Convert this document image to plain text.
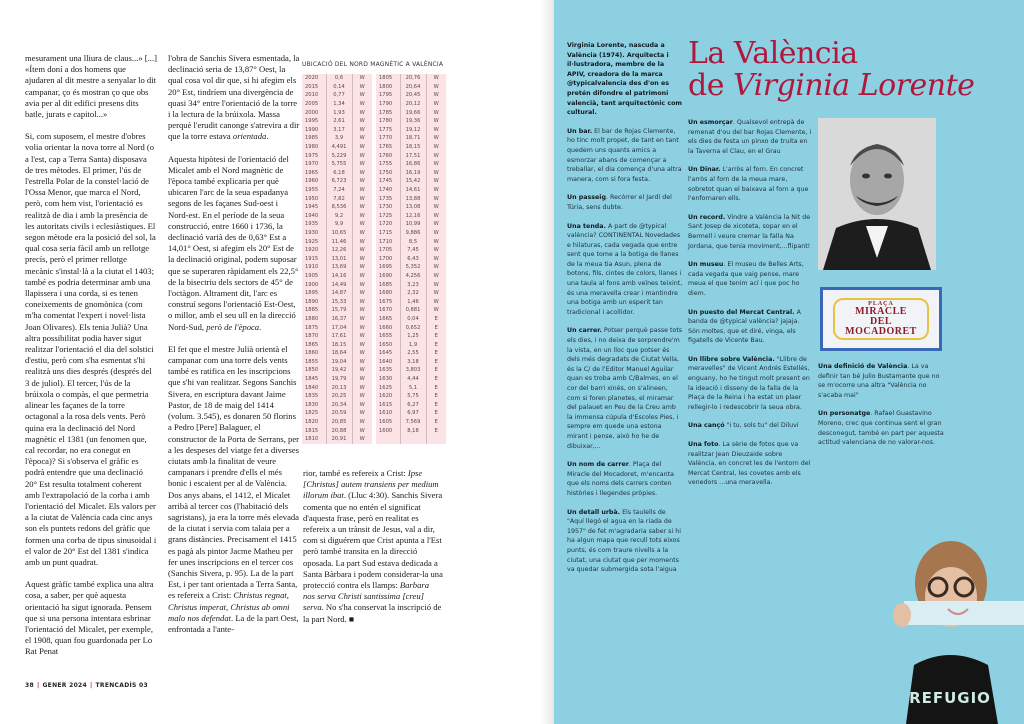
mesurament una lliura de claus...» [...] «Ítem doní a dos homens que ajudaren al dit mestre a senyalar lo dit campanar, ço és mostran ço que obs avia per al dit edifici presens dits batle, jurats e capitol...»

Si, com suposem, el mestre d'obres volia orientar la nova torre al Nord (o a l'est, cap a Terra Santa) disposava de tres mètodes. El primer, l'ús de l'estrella Polar de la constel·lació de l'Ossa Menor, que marca el Nord, però, com hem vist, l'orientació es realitzà de dia i amb la presència de les autoritats civils i eclesiàstiques. El segon mètode era la posició del sol, la qual cosa seria fàcil amb un rellotge precís, però el primer rellotge mecànic s'instal·là a la ciutat el 1403; també es podria determinar amb una llapissera i una corda, si es tenen coneixements de gnomònica (com m'ha comentat l'expert i novel·lista Joan Olivares). Els tenia Julià? Una altra possibilitat podia haver sigut realitzar l'orientació el dia del solstici d'estiu, però com s'ha esmentat s'hi realitzà uns dies després (després del 3 de juliol). El tercer, l'ús de la brúixola o compàs, el que permetria alinear les façanes de la torre octagonal a la rosa dels vents. Però quina era la declinació del Nord magnètic el 1381 (un fenomen que, cal recordar, no era conegut en l'època)? Si s'observa el gràfic es podrà entendre que una declinació 20° Est resulta totalment coherent amb l'extrapolació de la corba i amb l'orientació del Micalet. Els valors per a la ciutat de València cada cinc anys son els puntets redons del gràfic que formen una corba de tipus sinusoidal i el valor de 20° Est del 1381 s'indica amb un punt quadrat.

Aquest gràfic també explica una altra cosa, a saber, per què aquesta orientació ha sigut ignorada. Pensem que si una persona intentara esbrinar l'orientació del Micalet, per exemple, el 1908, quan fou guardonada per Lo Rat Penat

l'obra de Sanchis Sivera esmentada, la declinació seria de 13,87° Oest, la qual cosa vol dir que, si hi afegim els 20° Est, tindríem una divergència de quasi 34° entre l'orientació de la torre i la lectura de la brúixola. Massa perquè l'erudit canonge s'atrevira a dir que la torre estava orientada.

Aquesta hipòtesi de l'orientació del Micalet amb el Nord magnètic de l'època també explicaria per què ubicaren l'arc de la seua espadanya segons de les façanes Sud-oest i Nord-est. En el període de la seua construcció, entre 1660 i 1736, la declinació varià des de 0,63° Est a 14,01° Oest, si afegim els 20° Est de la declinació original, podem suposar que se superaren ràpidament els 22,5° de la bisectriu dels sectors de 45° de l'octàgon. Altrament dit, l'arc es construí segons l'orientació Est-Oest, o millor, amb el seu ull en la direcció Nord-Sud, però de l'època.

El fet que el mestre Julià orientà el campanar com una torre dels vents també es ratifica en les inscripcions que s'hi van realitzar. Segons Sanchis Sivera, en escriptura davant Jaime Pastor, de 18 de maig del 1414 (volum. 3.545), es donaren 50 florins a Pedro [Pere] Balaguer, el constructor de la Porta de Serrans, per a les despeses del viatge fet a diverses ciutats amb la finalitat de veure campanars i prendre d'ells el més bonic i escaient per al de València. Dos anys abans, el 1412, el Micalet arribà al tercer cos (l'habitació dels sagristans), ja era la torre més elevada de la ciutat i servia com talaia per a grans distàncies. Precisament el 1415 es pagà als pintor Jacme Matheu per fer unes inscripcions en el tercer cos (Sanchis Sivera, p. 95). La de la part Est, i per tant orientada a Terra Santa, es refereix a Crist: Christus regnat, Christus imperat, Christus ab omni malo nos defendat. La de la part Oest, enfrontada a l'ante-

UBICACIÓ DEL NORD MAGNÈTIC A VALÈNCIA
2020	0,6	W
2015	0,14	W
2010	0,77	W
2005	1,34	W
2000	1,93	W
1995	2,61	W
1990	3,17	W
1985	3,9	W
1980	4,491	W
1975	5,229	W
1970	5,755	W
1965	6,18	W
1960	6,723	W
1955	7,24	W
1950	7,82	W
1945	8,536	W
1940	9,2	W
1935	9,9	W
1930	10,65	W
1925	11,46	W
1920	12,26	W
1915	13,01	W
1910	13,69	W
1905	14,16	W
1900	14,49	W
1895	14,87	W
1890	15,33	W
1885	15,79	W
1880	16,37	W
1875	17,04	W
1870	17,61	W
1865	18,15	W
1860	18,64	W
1855	19,04	W
1850	19,42	W
1845	19,79	W
1840	20,13	W
1835	20,25	W
1830	20,34	W
1825	20,59	W
1820	20,85	W
1815	20,88	W
1810	20,91	W
1805	20,76	W
1800	20,64	W
1795	20,45	W
1790	20,12	W
1785	19,66	W
1780	19,36	W
1775	19,12	W
1770	18,71	W
1765	18,15	W
1760	17,51	W
1755	16,86	W
1750	16,19	W
1745	15,42	W
1740	14,61	W
1735	13,88	W
1730	13,08	W
1725	12,16	W
1720	10,99	W
1715	9,886	W
1710	8,5	W
1705	7,45	W
1700	6,43	W
1695	5,352	W
1690	4,256	W
1685	3,23	W
1680	2,32	W
1675	1,46	W
1670	0,881	W
1665	0,04	E
1660	0,652	E
1655	1,25	E
1650	1,9	E
1645	2,55	E
1640	3,18	E
1635	3,803	E
1630	4,44	E
1625	5,1	E
1620	5,75	E
1615	6,27	E
1610	6,97	E
1605	7,569	E
1600	8,18	E

rior, també es refereix a Crist: Ipse [Christus] autem transiens per medium illorum ibat. (Lluc 4:30). Sanchis Sivera comenta que no entén el significat d'aquesta frase, però en realitat es refereix a un trànsit de Jesus, val a dir, com si diguérem que Crist apunta a l'Est però també transita en la direcció oposada. La part Sud estava dedicada a Santa Bàrbara i podem considerar-la una protecció contra els llamps: Barbara nos serva Christi santissima [creu] serva. No s'ha conservat la inscripció de la part Nord. ■

38 | GENER 2024 | TRENCADÍS 03

Virginia Lorente, nascuda a València (1974). Arquitecta i il·lustradora, membre de la APIV, creadora de la marca @typicalvalencia des d'on es pretén difondre el patrimoni valencià, tant arquitectònic com cultural.

Un bar. El bar de Rojas Clemente, ho tinc molt propet, de tant en tant quedem uns quants amics a esmorzar abans de començar a treballar, el dia comença d'una altra manera, com si fora festa.

Un passeig. Recórrer el Jardí del Túria, sens dubte.

Una tenda. A part de @typical valència? CONTINENTAL Novedades e hilaturas, cada vegada que entre sent que tome a la botiga de llanes de la meua tia Asun, plena de botons, fils, cintes de colors, llanes i una taula al fons amb veïnes teixint, és una meravella crear i mantindre una botiga amb un esperit tan tradicional i acollidor.

Un carrer. Potser perquè passe tots els dies, i no deixa de sorprendre'm la vista, en un lloc que potser és dels més degradats de Ciutat Vella, és la C/ de l'Editor Manuel Aguilar quan es troba amb C/Balmes, en el cor del barri xinés, on s'alineen, com si foren planetes, el miramar del palauet en Peu de la Creu amb la immensa cúpula d'Escoles Pies, i sempre em quede una estona mirant i pense, això ho he de dibuixar,...

Un nom de carrer. Plaça del Miracle del Mocadoret, m'encanta que els noms dels carrers conten històries i llegendes pròpies.

Un detall urbà. Els taulells de "Aquí llegó el agua en la riada de 1957" de fet m'agradaria saber si hi ha algun mapa que recull tots eixos punts, és com traure nivells a la ciutat, una ciutat que per moments va quedar submergida sota l'aigua

La València
de Virginia Lorente

Un esmorçar. Qualsevol entrepà de remenat d'ou del bar Rojas Clemente, i els dies de festa un pinxo de truita en la Taverna el Clau, en el Grau

Un Dinar. L'arròs al forn. En concret l'arròs al forn de la meua mare, sobretot quan el baixava al forn a que l'enfornaren ells.

Un record. Vindre a València la Nit de Sant Josep de xicoteta, sopar en el Bermell i veure cremar la falla Na Jordana, que tenia moviment,...flipant!

Un museu. El museu de Belles Arts, cada vegada que vaig pense, mare meua el que tenim ací i que poc ho diem.

Un puesto del Mercat Central. A banda de @typical valència? jajaja. Són moltes, que et diré, vinga, els figatells de Vicente Bau.

Un llibre sobre València. "Llibre de meravelles" de Vicent Andrés Estellés, enguany, ho he tingut molt present en la ideació i disseny de la falla de la Plaça de la Reina i ha estat un plaer rellegir-lo i redescobrir la seua obra.

Una cançó "i tu, sols tu" del Diluvi

Una foto. La sèrie de fotos que va realitzar Jean Dieuzaide sobre València, en concret les de l'entorn del Mercat Central, les covetes amb els venedors ...una meravella.

PLAÇA
MIRACLE
DEL
MOCADORET

Una definició de València. La va definir tan bé Julio Bustamante que no se m'ocorre una altra "València no s'acaba mai"

Un personatge. Rafael Guastavino Moreno, crec que continua sent el gran desconegut, també en part per aquesta actitud valenciana de no valorar-nos.

REFUGIO
